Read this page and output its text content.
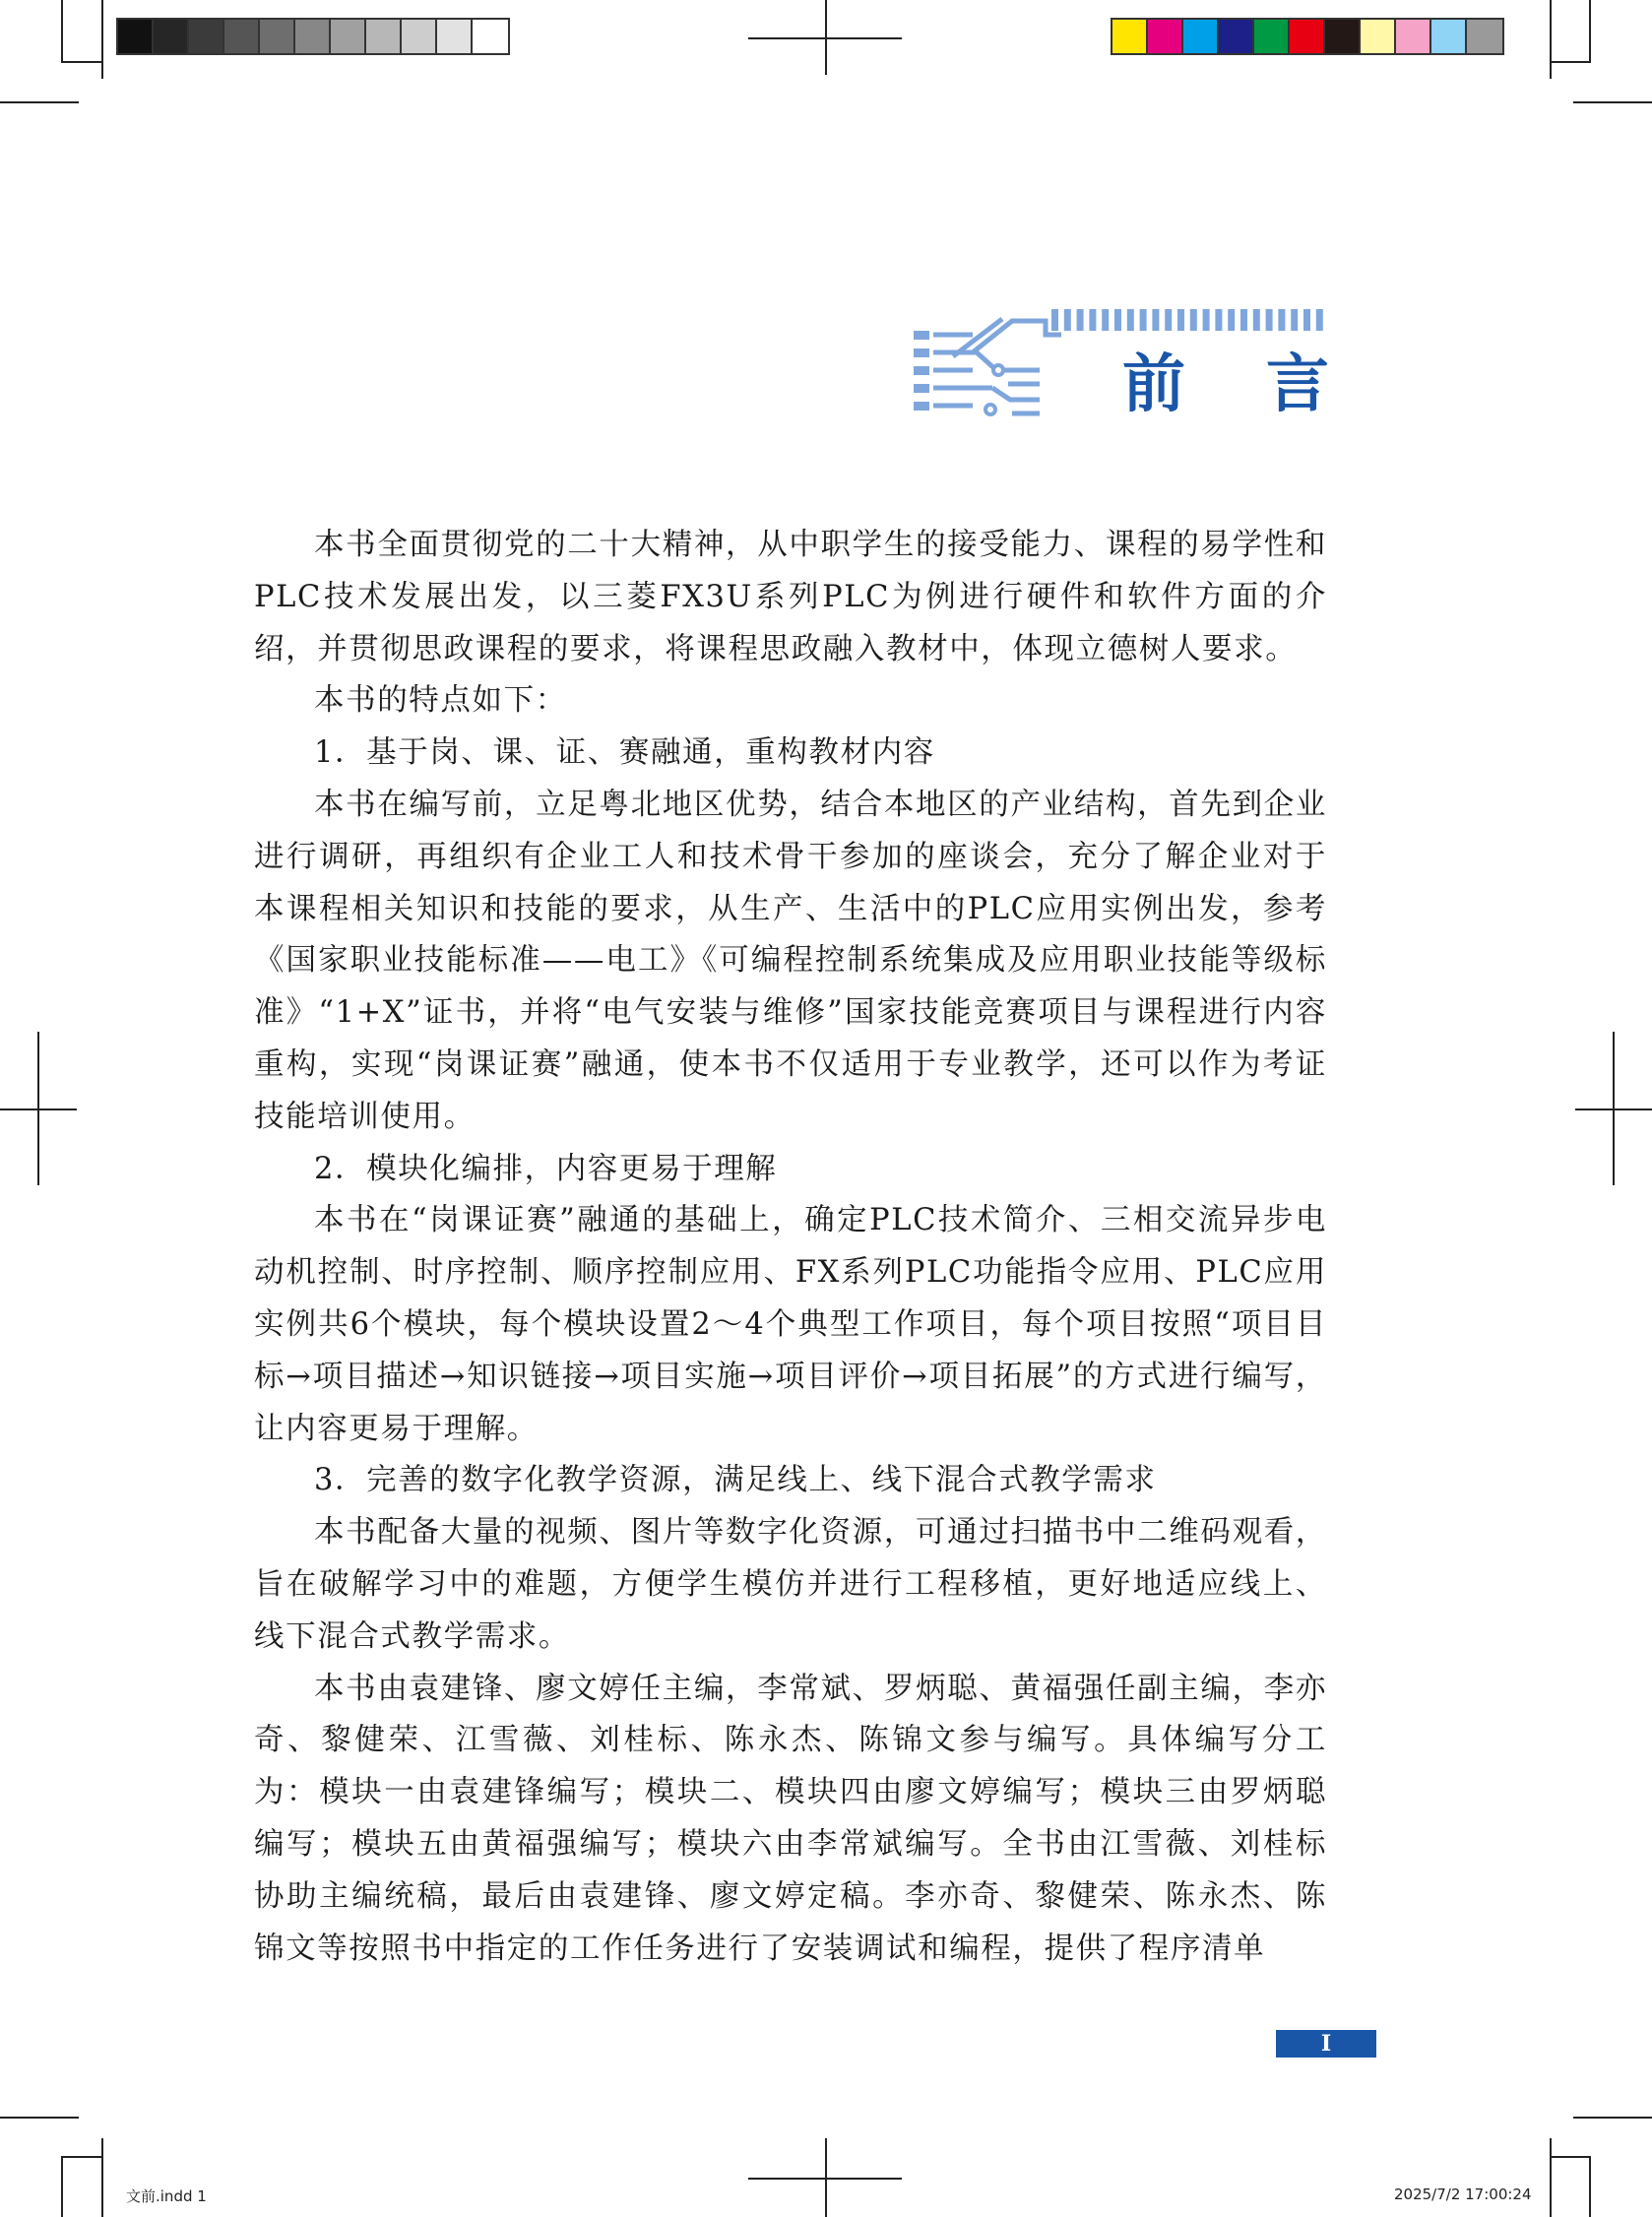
前 言

本书全面贯彻党的二十大精神，从中职学生的接受能力、课程的易学性和PLC技术发展出发，以三菱FX3U系列PLC为例进行硬件和软件方面的介绍，并贯彻思政课程的要求，将课程思政融入教材中，体现立德树人要求。

本书的特点如下：

1．基于岗、课、证、赛融通，重构教材内容

本书在编写前，立足粤北地区优势，结合本地区的产业结构，首先到企业进行调研，再组织有企业工人和技术骨干参加的座谈会，充分了解企业对于本课程相关知识和技能的要求，从生产、生活中的PLC应用实例出发，参考《国家职业技能标准——电工》《可编程控制系统集成及应用职业技能等级标准》“1+X”证书，并将“电气安装与维修”国家技能竞赛项目与课程进行内容重构，实现“岗课证赛”融通，使本书不仅适用于专业教学，还可以作为考证技能培训使用。

2．模块化编排，内容更易于理解

本书在“岗课证赛”融通的基础上，确定PLC技术简介、三相交流异步电动机控制、时序控制、顺序控制应用、FX系列PLC功能指令应用、PLC应用实例共6个模块，每个模块设置2～4个典型工作项目，每个项目按照“项目目标→项目描述→知识链接→项目实施→项目评价→项目拓展”的方式进行编写，让内容更易于理解。

3．完善的数字化教学资源，满足线上、线下混合式教学需求

本书配备大量的视频、图片等数字化资源，可通过扫描书中二维码观看，旨在破解学习中的难题，方便学生模仿并进行工程移植，更好地适应线上、线下混合式教学需求。

本书由袁建锋、廖文婷任主编，李常斌、罗炳聪、黄福强任副主编，李亦奇、黎健荣、江雪薇、刘桂标、陈永杰、陈锦文参与编写。具体编写分工为：模块一由袁建锋编写；模块二、模块四由廖文婷编写；模块三由罗炳聪编写；模块五由黄福强编写；模块六由李常斌编写。全书由江雪薇、刘桂标协助主编统稿，最后由袁建锋、廖文婷定稿。李亦奇、黎健荣、陈永杰、陈锦文等按照书中指定的工作任务进行了安装调试和编程，提供了程序清单

I
文前.indd 1	2025/7/2 17:00:24
